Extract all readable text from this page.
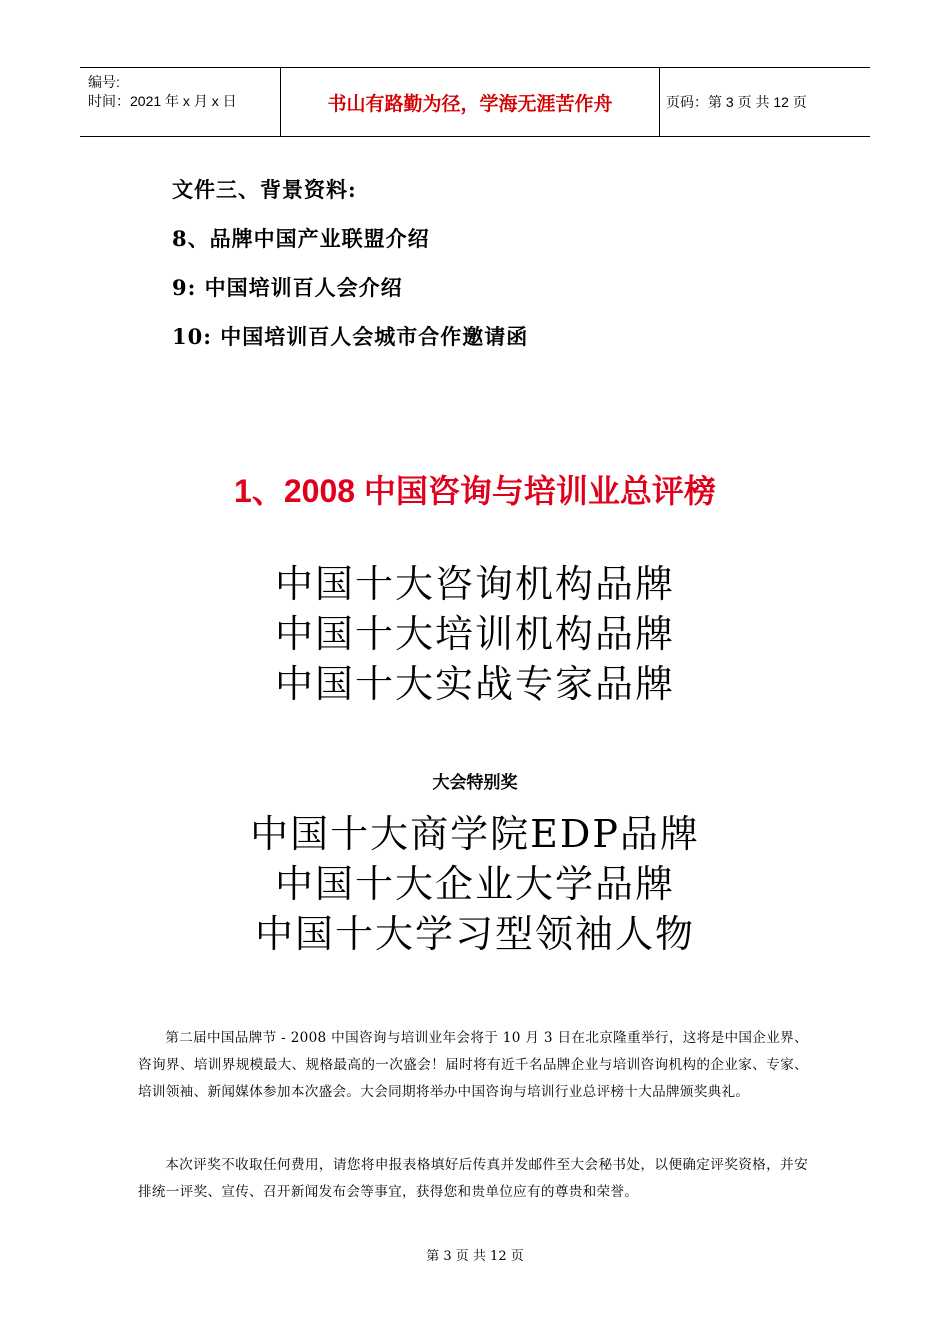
编号:
时间：2021 年 x 月 x 日	书山有路勤为径，学海无涯苦作舟	页码：第 3 页 共 12 页
文件三、背景资料:
8、品牌中国产业联盟介绍
9: 中国培训百人会介绍
10: 中国培训百人会城市合作邀请函
1、2008 中国咨询与培训业总评榜
中国十大咨询机构品牌
中国十大培训机构品牌
中国十大实战专家品牌
大会特别奖
中国十大商学院EDP品牌
中国十大企业大学品牌
中国十大学习型领袖人物
第二届中国品牌节 - 2008 中国咨询与培训业年会将于 10 月 3 日在北京隆重举行，这将是中国企业界、咨询界、培训界规模最大、规格最高的一次盛会！届时将有近千名品牌企业与培训咨询机构的企业家、专家、培训领袖、新闻媒体参加本次盛会。大会同期将举办中国咨询与培训行业总评榜十大品牌颁奖典礼。
本次评奖不收取任何费用，请您将申报表格填好后传真并发邮件至大会秘书处，以便确定评奖资格，并安排统一评奖、宣传、召开新闻发布会等事宜，获得您和贵单位应有的尊贵和荣誉。
第 3 页 共 12 页
